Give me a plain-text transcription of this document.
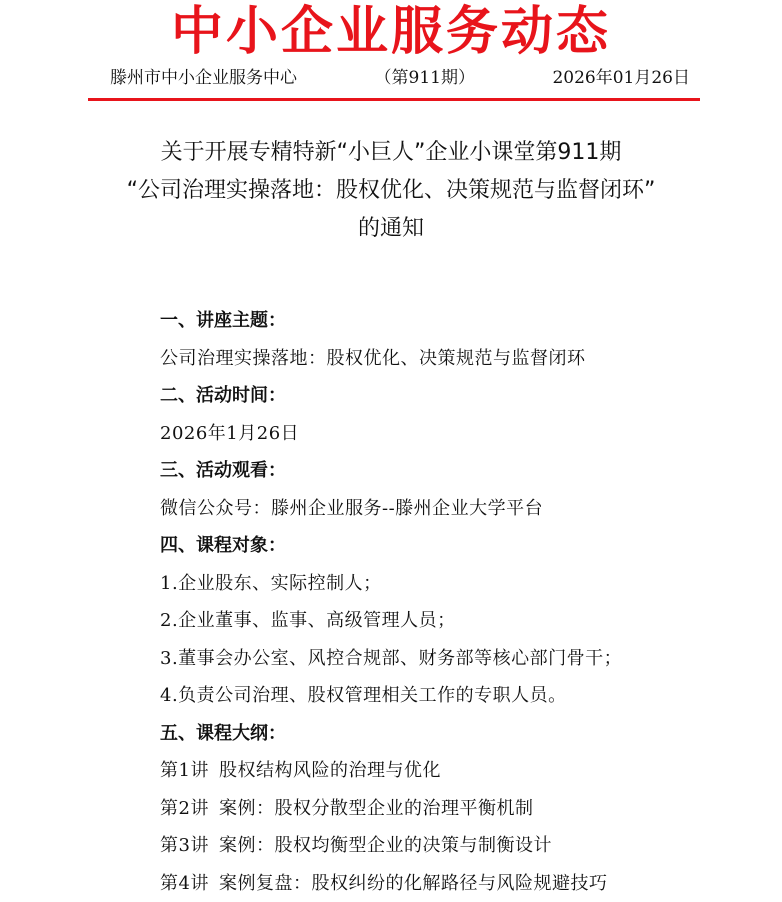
中小企业服务动态
滕州市中小企业服务中心	（第911期）	2026年01月26日
关于开展专精特新“小巨人”企业小课堂第911期
“公司治理实操落地：股权优化、决策规范与监督闭环”
的通知
一、讲座主题：
公司治理实操落地：股权优化、决策规范与监督闭环
二、活动时间：
2026年1月26日
三、活动观看：
微信公众号：滕州企业服务--滕州企业大学平台
四、课程对象：
1.企业股东、实际控制人；
2.企业董事、监事、高级管理人员；
3.董事会办公室、风控合规部、财务部等核心部门骨干；
4.负责公司治理、股权管理相关工作的专职人员。
五、课程大纲：
第1讲 股权结构风险的治理与优化
第2讲 案例：股权分散型企业的治理平衡机制
第3讲 案例：股权均衡型企业的决策与制衡设计
第4讲 案例复盘：股权纠纷的化解路径与风险规避技巧
